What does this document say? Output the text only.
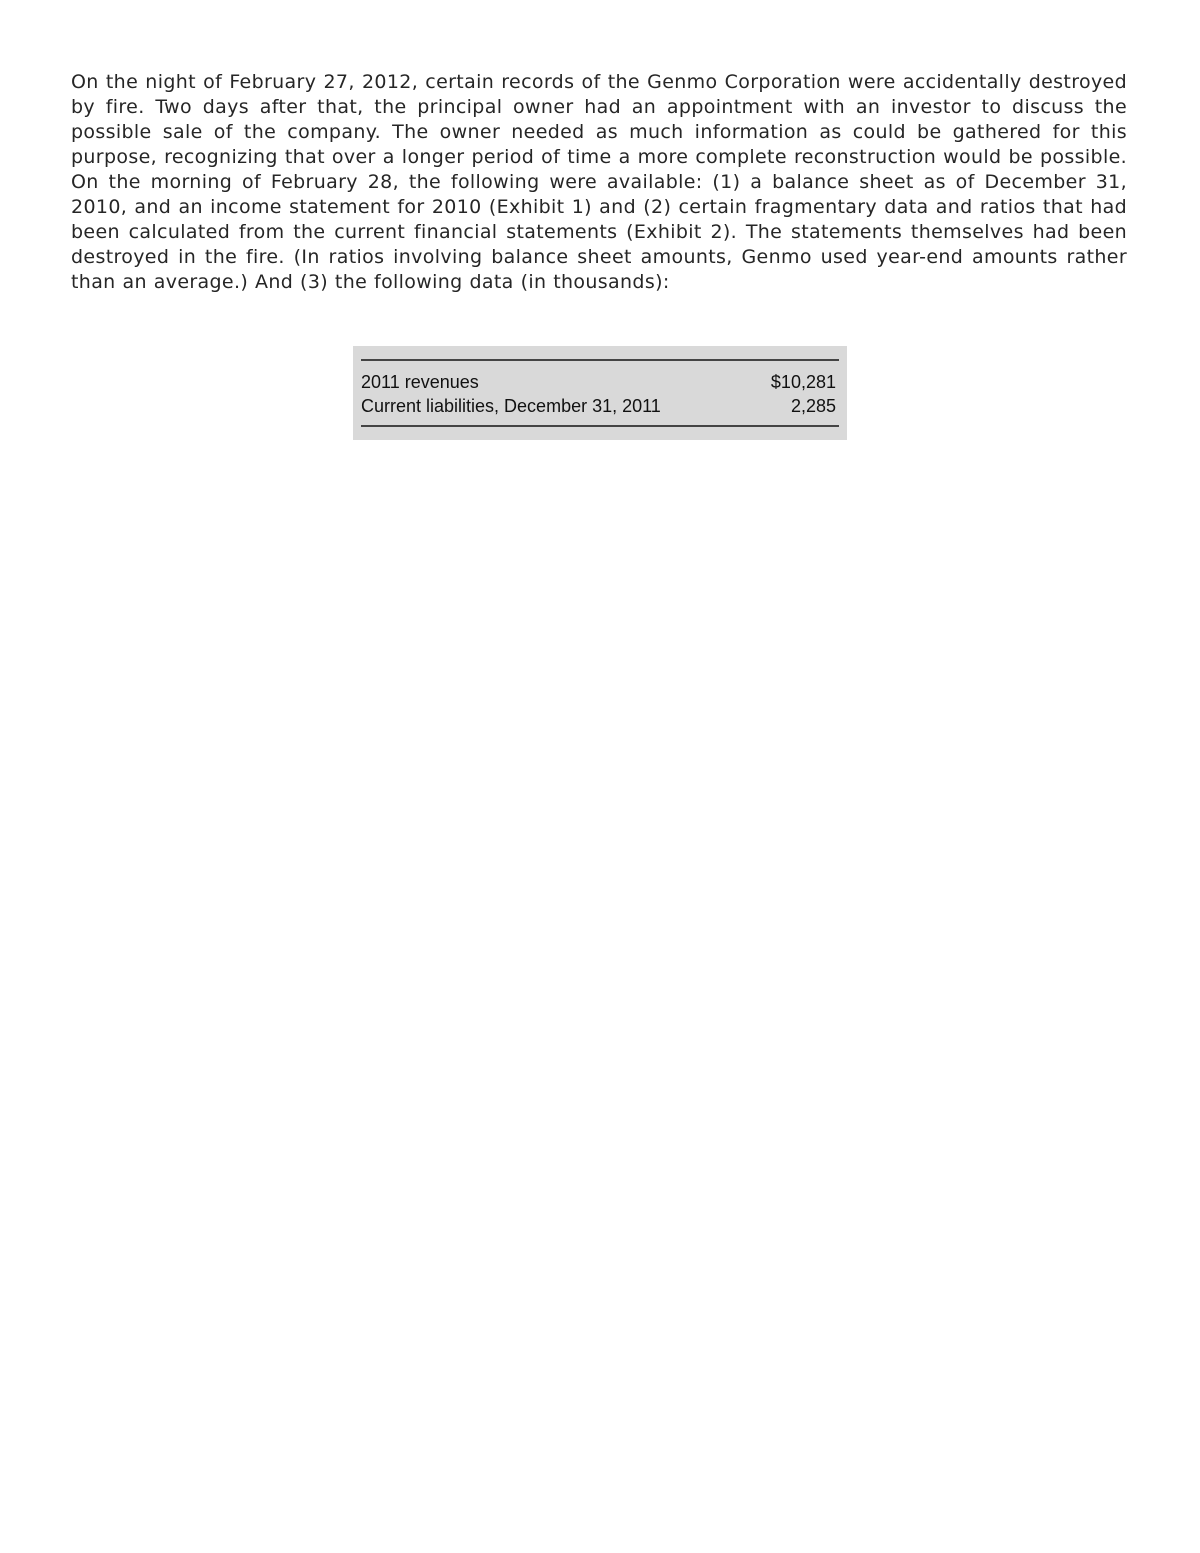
On the night of February 27, 2012, certain records of the Genmo Corporation were accidentally destroyed by fire. Two days after that, the principal owner had an appointment with an investor to discuss the possible sale of the company. The owner needed as much information as could be gathered for this purpose, recognizing that over a longer period of time a more complete reconstruction would be possible. On the morning of February 28, the following were available: (1) a balance sheet as of December 31, 2010, and an income statement for 2010 (Exhibit 1) and (2) certain fragmentary data and ratios that had been calculated from the current financial statements (Exhibit 2). The statements themselves had been destroyed in the fire. (In ratios involving balance sheet amounts, Genmo used year-end amounts rather than an average.) And (3) the following data (in thousands):

2011 revenues	$10,281
Current liabilities, December 31, 2011	2,285
